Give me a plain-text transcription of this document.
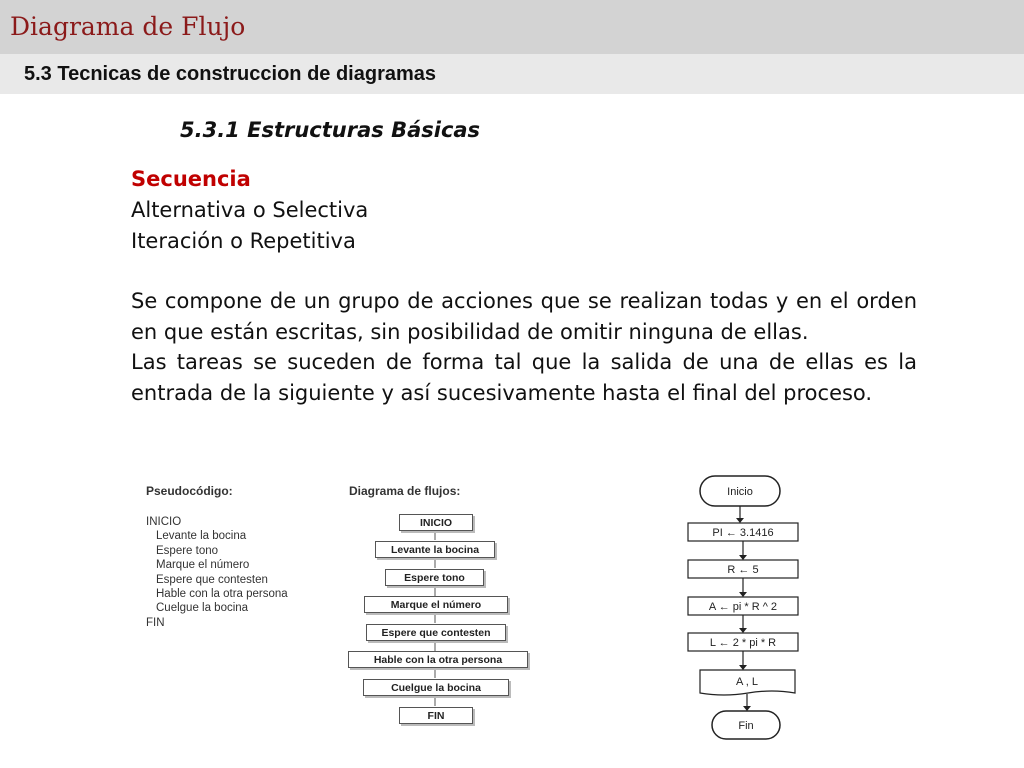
Diagrama de Flujo
5.3 Tecnicas de construccion de diagramas
5.3.1 Estructuras Básicas
Secuencia
Alternativa o Selectiva
Iteración o Repetitiva

Se compone de un grupo de acciones que se realizan todas y en el orden en que están escritas, sin posibilidad de omitir ninguna de ellas.

Las tareas se suceden de forma tal que la salida de una de ellas es la entrada de la siguiente y así sucesivamente hasta el final del proceso.

Pseudocódigo:
INICIO
Levante la bocina
Espere tono
Marque el número
Espere que contesten
Hable con la otra persona
Cuelgue la bocina
FIN
Diagrama de flujos:	Inicio
PI ← 3.1416
R ← 5
A ← pi * R ^ 2
L ← 2 * pi * R
A , L
Fin
INICIO
Levante la bocina
Espere tono
Marque el número
Espere que contesten
Hable con la otra persona
Cuelgue la bocina
FIN
